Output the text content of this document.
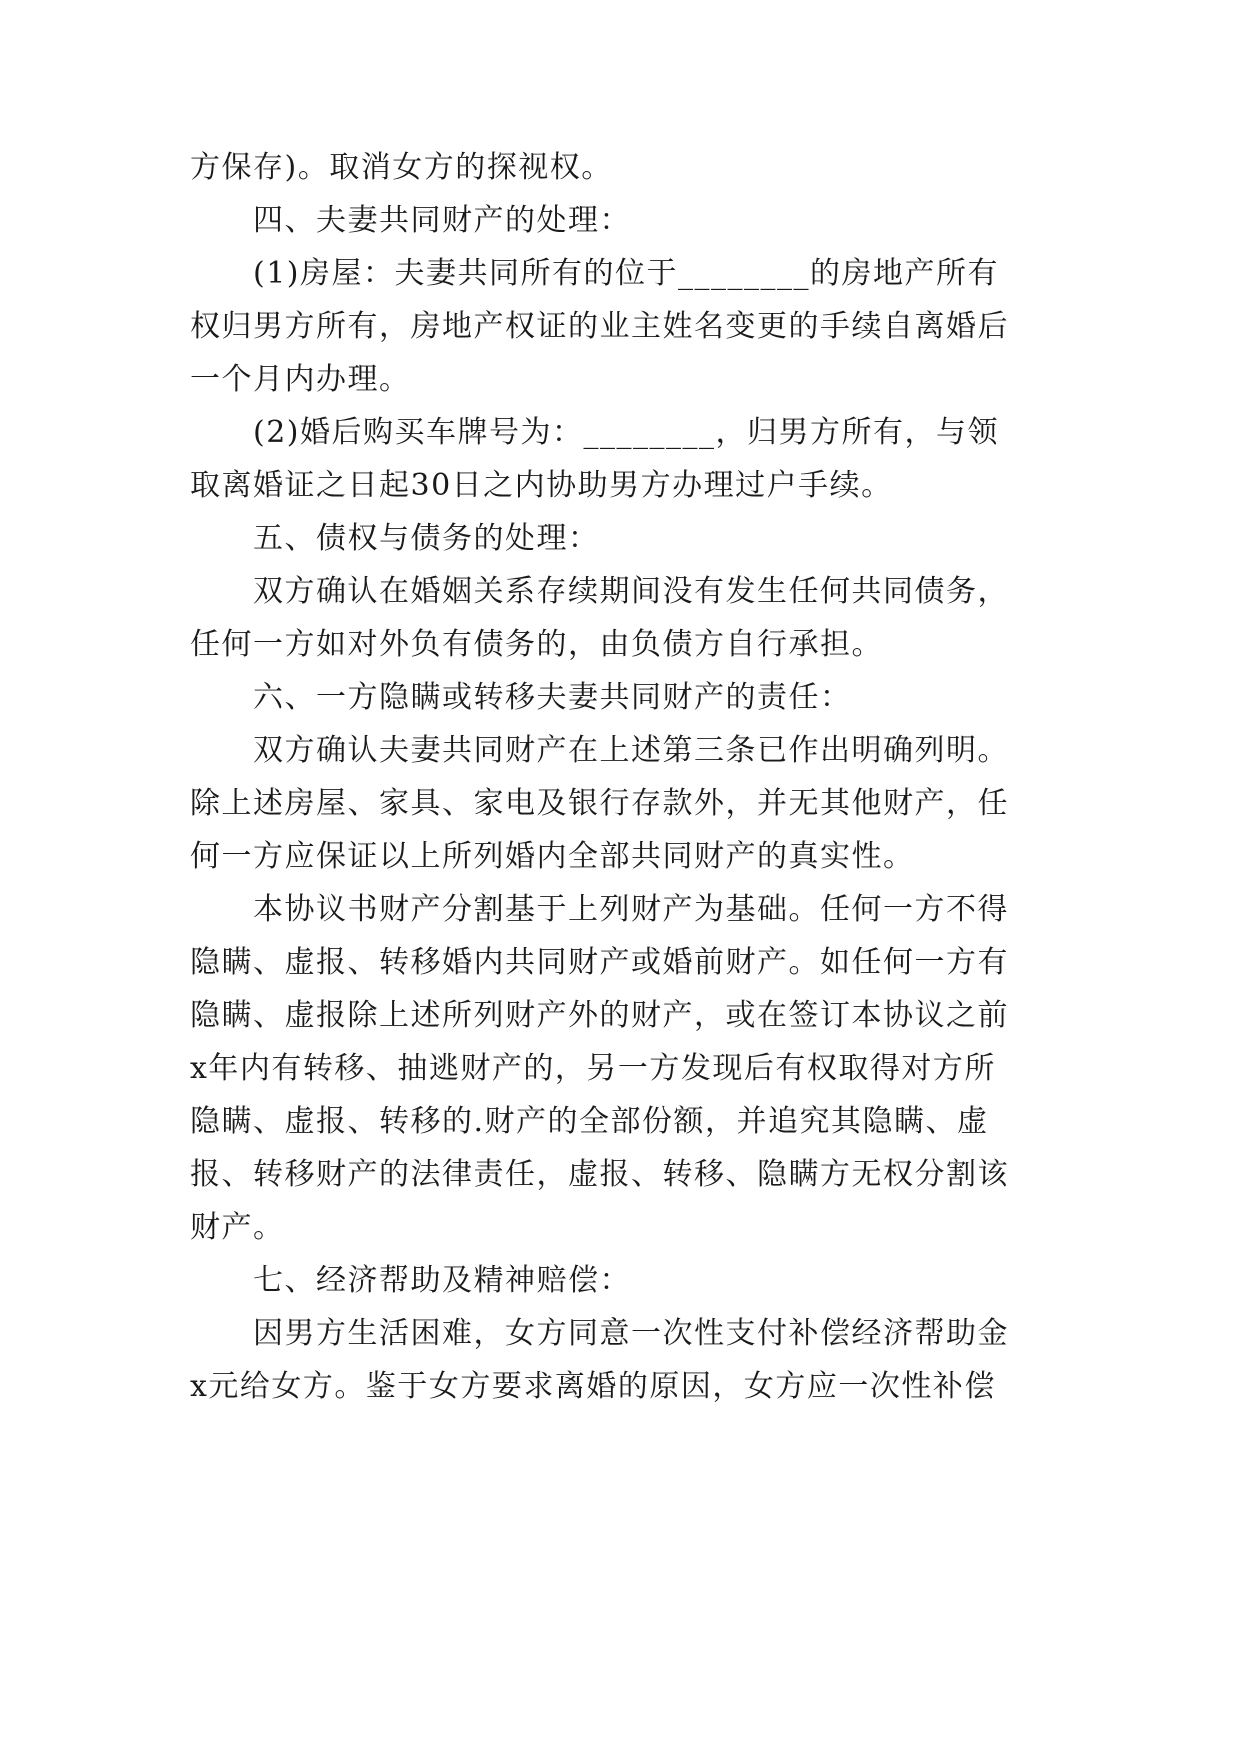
方保存)。取消女方的探视权。
四、夫妻共同财产的处理：
(1)房屋：夫妻共同所有的位于________的房地产所有
权归男方所有，房地产权证的业主姓名变更的手续自离婚后
一个月内办理。
(2)婚后购买车牌号为：________，归男方所有，与领
取离婚证之日起30日之内协助男方办理过户手续。
五、债权与债务的处理：
双方确认在婚姻关系存续期间没有发生任何共同债务，
任何一方如对外负有债务的，由负债方自行承担。
六、一方隐瞒或转移夫妻共同财产的责任：
双方确认夫妻共同财产在上述第三条已作出明确列明。
除上述房屋、家具、家电及银行存款外，并无其他财产，任
何一方应保证以上所列婚内全部共同财产的真实性。
本协议书财产分割基于上列财产为基础。任何一方不得
隐瞒、虚报、转移婚内共同财产或婚前财产。如任何一方有
隐瞒、虚报除上述所列财产外的财产，或在签订本协议之前
x年内有转移、抽逃财产的，另一方发现后有权取得对方所
隐瞒、虚报、转移的.财产的全部份额，并追究其隐瞒、虚
报、转移财产的法律责任，虚报、转移、隐瞒方无权分割该
财产。
七、经济帮助及精神赔偿：
因男方生活困难，女方同意一次性支付补偿经济帮助金
x元给女方。鉴于女方要求离婚的原因，女方应一次性补偿
